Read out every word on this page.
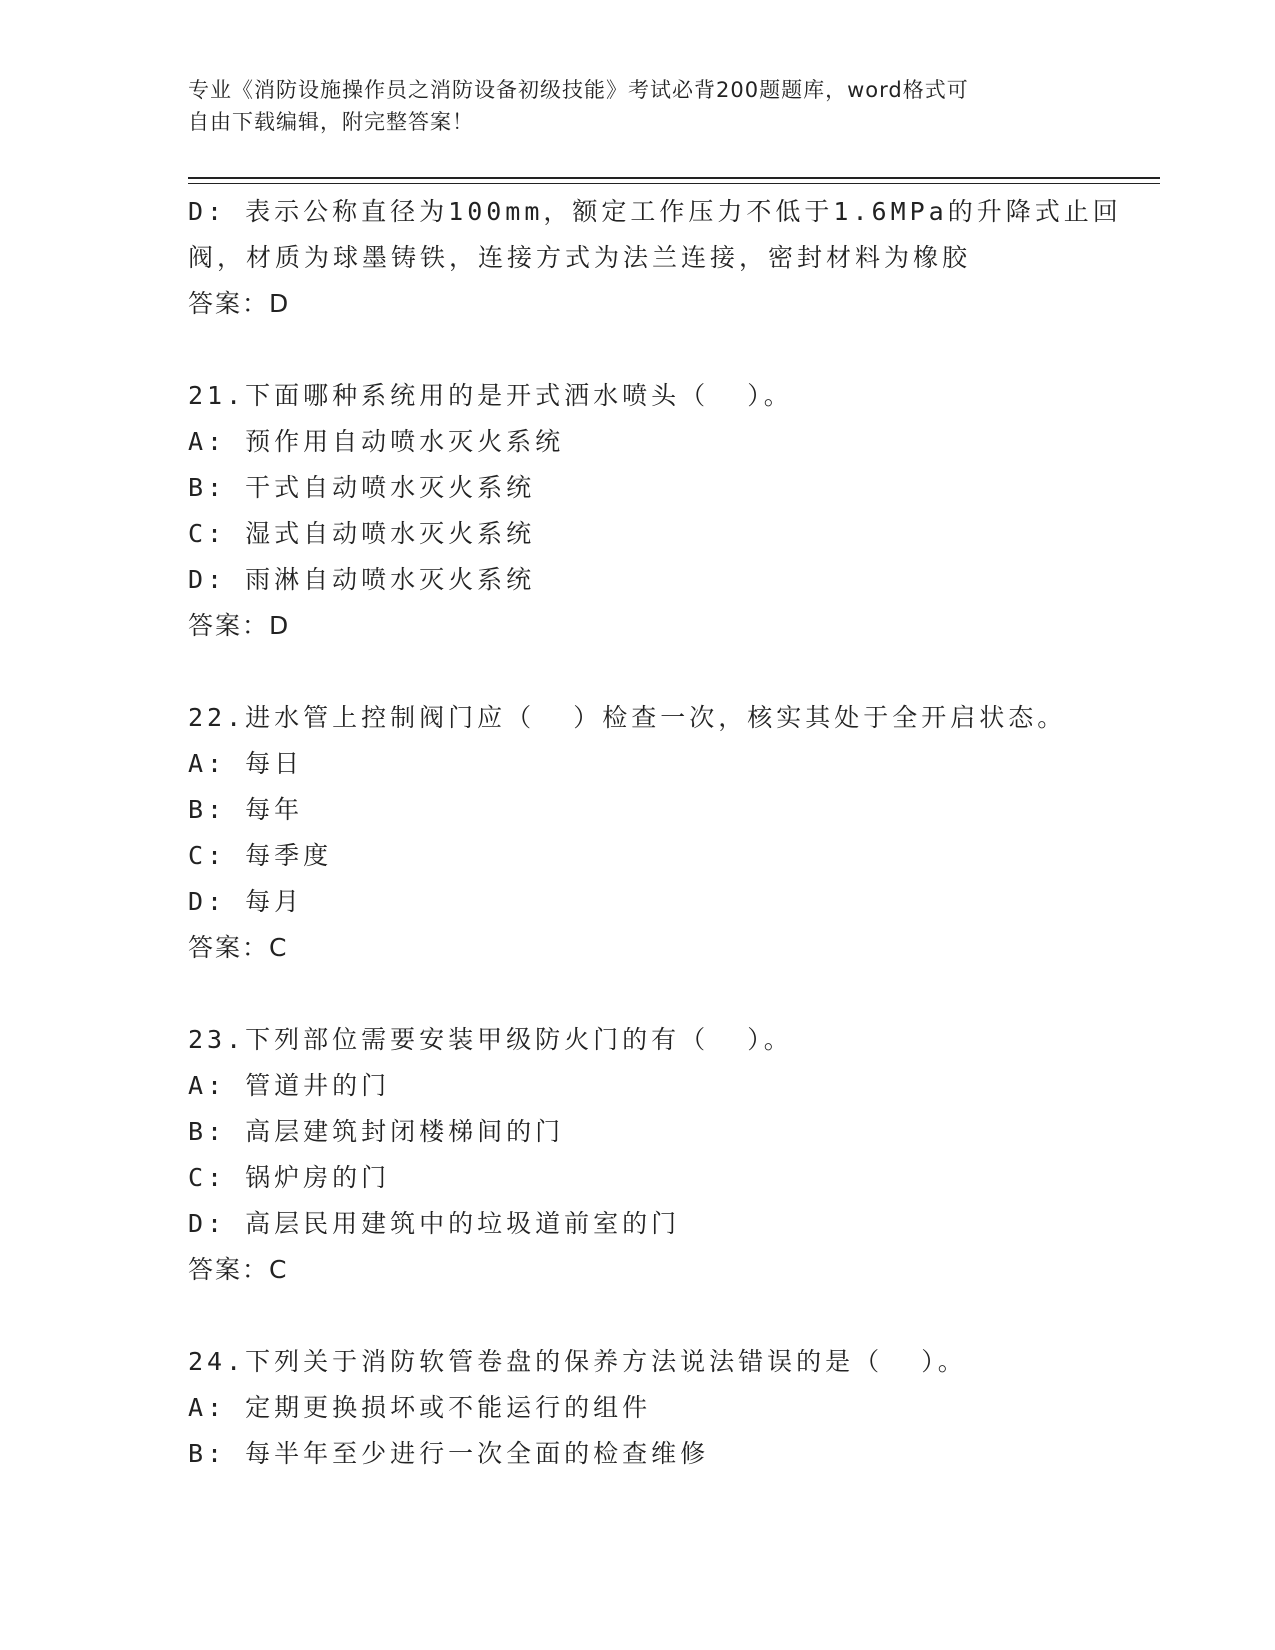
专业《消防设施操作员之消防设备初级技能》考试必背200题题库，word格式可
自由下载编辑，附完整答案！
D: 表示公称直径为100mm，额定工作压力不低于1.6MPa的升降式止回
阀，材质为球墨铸铁，连接方式为法兰连接，密封材料为橡胶
答案：D
21.下面哪种系统用的是开式洒水喷头（  ）。
A: 预作用自动喷水灭火系统
B: 干式自动喷水灭火系统
C: 湿式自动喷水灭火系统
D: 雨淋自动喷水灭火系统
答案：D
22.进水管上控制阀门应（  ）检查一次，核实其处于全开启状态。
A: 每日
B: 每年
C: 每季度
D: 每月
答案：C
23.下列部位需要安装甲级防火门的有（  ）。
A: 管道井的门
B: 高层建筑封闭楼梯间的门
C: 锅炉房的门
D: 高层民用建筑中的垃圾道前室的门
答案：C
24.下列关于消防软管卷盘的保养方法说法错误的是（  ）。
A: 定期更换损坏或不能运行的组件
B: 每半年至少进行一次全面的检查维修
